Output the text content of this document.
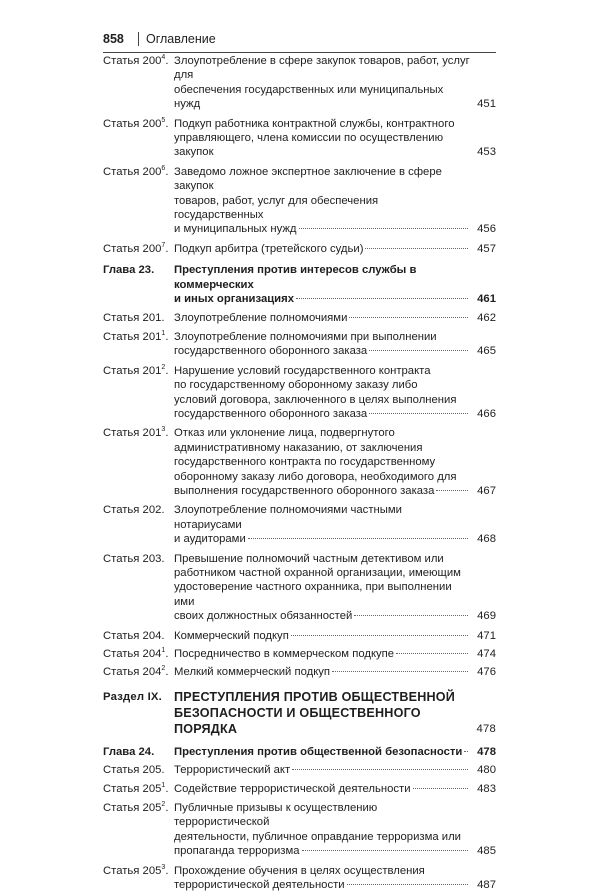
858 Оглавление
Статья $200^4$. Злоупотребление в сфере закупок товаров, работ, услуг для
обеспечения государственных или муниципальных нужд	451
Статья $200^5$. Подкуп работника контрактной службы, контрактного
управляющего, члена комиссии по осуществлению закупок	453
Статья $200^6$. Заведомо ложное экспертное заключение в сфере закупок
товаров, работ, услуг для обеспечения государственных
и муниципальных нужд	456
Статья $200^7$. Подкуп арбитра (третейского судьи)	457
Глава 23. Преступления против интересов службы в коммерческих
и иных организациях	461
Статья 201. Злоупотребление полномочиями	462
Статья $201^1$. Злоупотребление полномочиями при выполнении
государственного оборонного заказа	465
Статья $201^2$. Нарушение условий государственного контракта
по государственному оборонному заказу либо
условий договора, заключенного в целях выполнения
государственного оборонного заказа	466
Статья $201^3$. Отказ или уклонение лица, подвергнутого
административному наказанию, от заключения
государственного контракта по государственному
оборонному заказу либо договора, необходимого для
выполнения государственного оборонного заказа	467
Статья 202. Злоупотребление полномочиями частными нотариусами
и аудиторами	468
Статья 203. Превышение полномочий частным детективом или
работником частной охранной организации, имеющим
удостоверение частного охранника, при выполнении ими
своих должностных обязанностей	469
Статья 204. Коммерческий подкуп	471
Статья $204^1$. Посредничество в коммерческом подкупе	474
Статья $204^2$. Мелкий коммерческий подкуп	476
Раздел IX. ПРЕСТУПЛЕНИЯ ПРОТИВ ОБЩЕСТВЕННОЙ
БЕЗОПАСНОСТИ И ОБЩЕСТВЕННОГО ПОРЯДКА	478
Глава 24. Преступления против общественной безопасности 478
Статья 205. Террористический акт	480
Статья $205^1$. Содействие террористической деятельности	483
Статья $205^2$. Публичные призывы к осуществлению террористической
деятельности, публичное оправдание терроризма или
пропаганда терроризма	485
Статья $205^3$. Прохождение обучения в целях осуществления
террористической деятельности	487
